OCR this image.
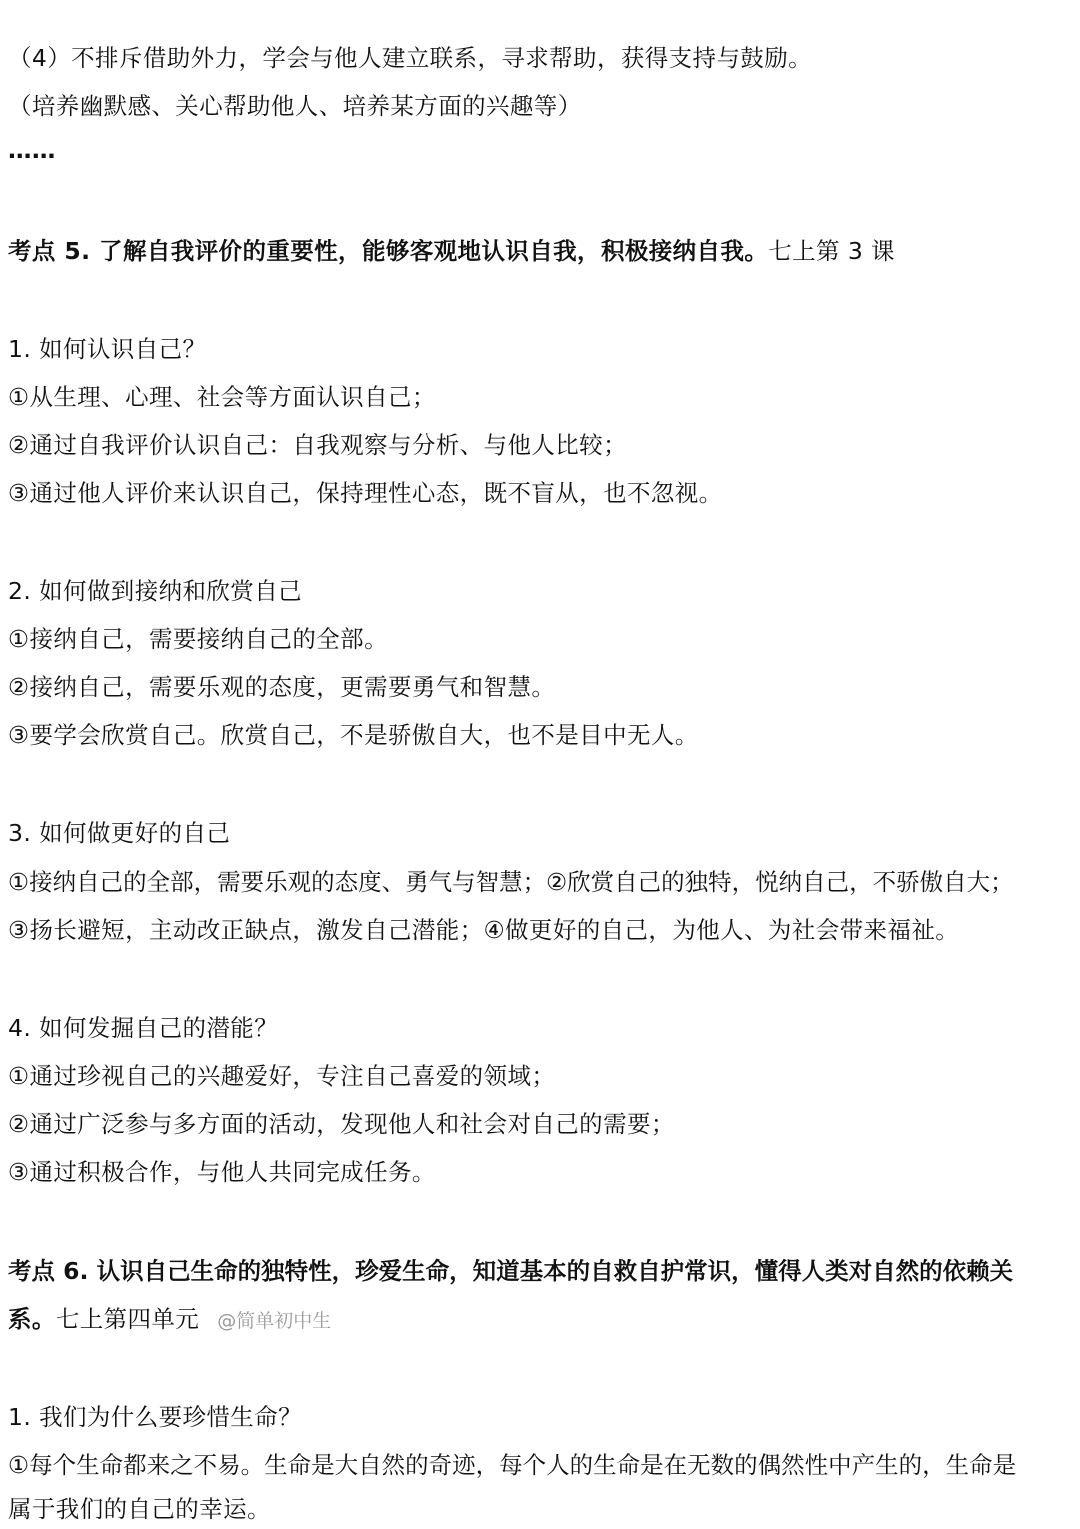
（4）不排斥借助外力，学会与他人建立联系，寻求帮助，获得支持与鼓励。
（培养幽默感、关心帮助他人、培养某方面的兴趣等）
……
考点 5. 了解自我评价的重要性，能够客观地认识自我，积极接纳自我。七上第 3 课
1. 如何认识自己？
①从生理、心理、社会等方面认识自己；
②通过自我评价认识自己：自我观察与分析、与他人比较；
③通过他人评价来认识自己，保持理性心态，既不盲从，也不忽视。
2. 如何做到接纳和欣赏自己
①接纳自己，需要接纳自己的全部。
②接纳自己，需要乐观的态度，更需要勇气和智慧。
③要学会欣赏自己。欣赏自己，不是骄傲自大，也不是目中无人。
3. 如何做更好的自己
①接纳自己的全部，需要乐观的态度、勇气与智慧；②欣赏自己的独特，悦纳自己，不骄傲自大；
③扬长避短，主动改正缺点，激发自己潜能；④做更好的自己，为他人、为社会带来福祉。
4. 如何发掘自己的潜能？
①通过珍视自己的兴趣爱好，专注自己喜爱的领域；
②通过广泛参与多方面的活动，发现他人和社会对自己的需要；
③通过积极合作，与他人共同完成任务。
考点 6. 认识自己生命的独特性，珍爱生命，知道基本的自救自护常识，懂得人类对自然的依赖关
系。七上第四单元 @简单初中生
1. 我们为什么要珍惜生命？
①每个生命都来之不易。生命是大自然的奇迹，每个人的生命是在无数的偶然性中产生的，生命是
属于我们的自己的幸运。
